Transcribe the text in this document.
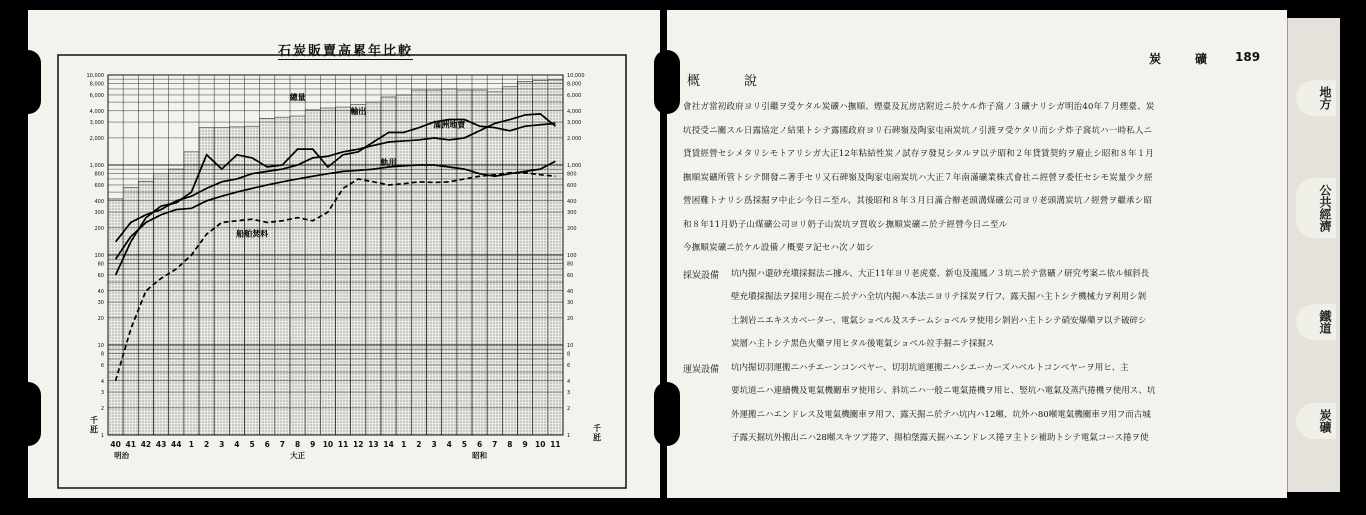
石炭販賣高累年比較
1	1
2	2
3	3
4	4
6	6
8	8
10	10
20	20
30	30
40	40
60	60
80	80
100	100
200	200
300	300
400	400
600	600
800	800
1,000	1,000
2,000	2,000
3,000	3,000
4,000	4,000
6,000	6,000
8,000	8,000
10,000	10,000
千
千
瓩
瓩
40 41 42 43 44 1 2 3 4 5 6 7 8 9 10 11 12 13 14 1 2 3 4 5 6 7 8 9 10 11
明治	大正	昭和
總量
輸出
滿洲地賣
軌用
船舶焚料
炭	礦 189
概	說
會社ガ當初政府ヨリ引繼ヲ受ケタル炭礦ハ撫順、煙臺及瓦房店附近ニ於ケル炸子窩ノ３礦ナリシガ明治40年７月煙臺、炭
坑授受ニ關スル日露協定ノ結果トシテ露國政府ヨリ石碑嶺及陶家屯兩炭坑ノ引渡ヲ受ケタリ而シテ炸子窩坑ハ一時私人ニ
貸賃經營セシメタリシモトアリシガ大正12年粘結性炭ノ試存ヲ發見シタルヲ以テ昭和２年貸賃契約ヲ廢止シ昭和８年１月
撫順炭礦所管トシテ開發ニ著手セリ又石碑嶺及陶家屯兩炭坑ハ大正７年南滿礦業株式會社ニ經營ヲ委任セシモ炭量少ク經
營困難トナリシ爲採掘ヲ中止シ今日ニ至ル、其後昭和８年３月日滿合辦老頭溝煤礦公司ヨリ老頭溝炭坑ノ經營ヲ繼承シ昭
和８年11月奶子山煤礦公司ヨリ奶子山炭坑ヲ買收シ撫順炭礦ニ於テ經營今日ニ至ル
今撫順炭礦ニ於ケル設備ノ概要ヲ記セハ次ノ如シ
採炭設備 坑内掘ハ還砂充塡採掘法ニ據ル、大正11年ヨリ老虎臺、新屯及龍鳳ノ３坑ニ於テ當礦ノ研究考案ニ依ル傾斜長
壁充塡採掘法ヲ採用シ現在ニ於テハ全坑内掘ハ本法ニヨリテ採炭ヲ行フ、露天掘ハ主トシテ機械力ヲ利用シ剝
土剝岩ニエキスカベーター、電氣ショベル及スチームショベルヲ使用シ剝岩ハ主トシテ硝安爆藥ヲ以テ破碎シ
炭層ハ主トシテ黑色火藥ヲ用ヒタル後電氣ショベル竝手掘ニテ採掘ス
運炭設備 坑内掘切羽運搬ニハチエーンコンベヤー、切羽坑道運搬ニハシエーカーズハベルトコンベヤーヲ用ヒ、主
要坑道ニハ連續機及電氣機關車ヲ使用シ、斜坑ニハ一般ニ電氣捲機ヲ用ヒ、竪坑ハ電氣及蒸汽捲機ヲ使用ス、坑
外運搬ニハエンドレス及電氣機關車ヲ用フ、露天掘ニ於テハ坑内ハ12噸、坑外ハ80噸電氣機關車ヲ用フ而古城
子露天掘坑外搬出ニハ28噸スキツプ捲ア、揚柏堡露天掘ハエンドレス捲ヲ主トシ補助トシテ電氣コース捲ヲ使
地方
公共經濟
鐵道
炭礦
